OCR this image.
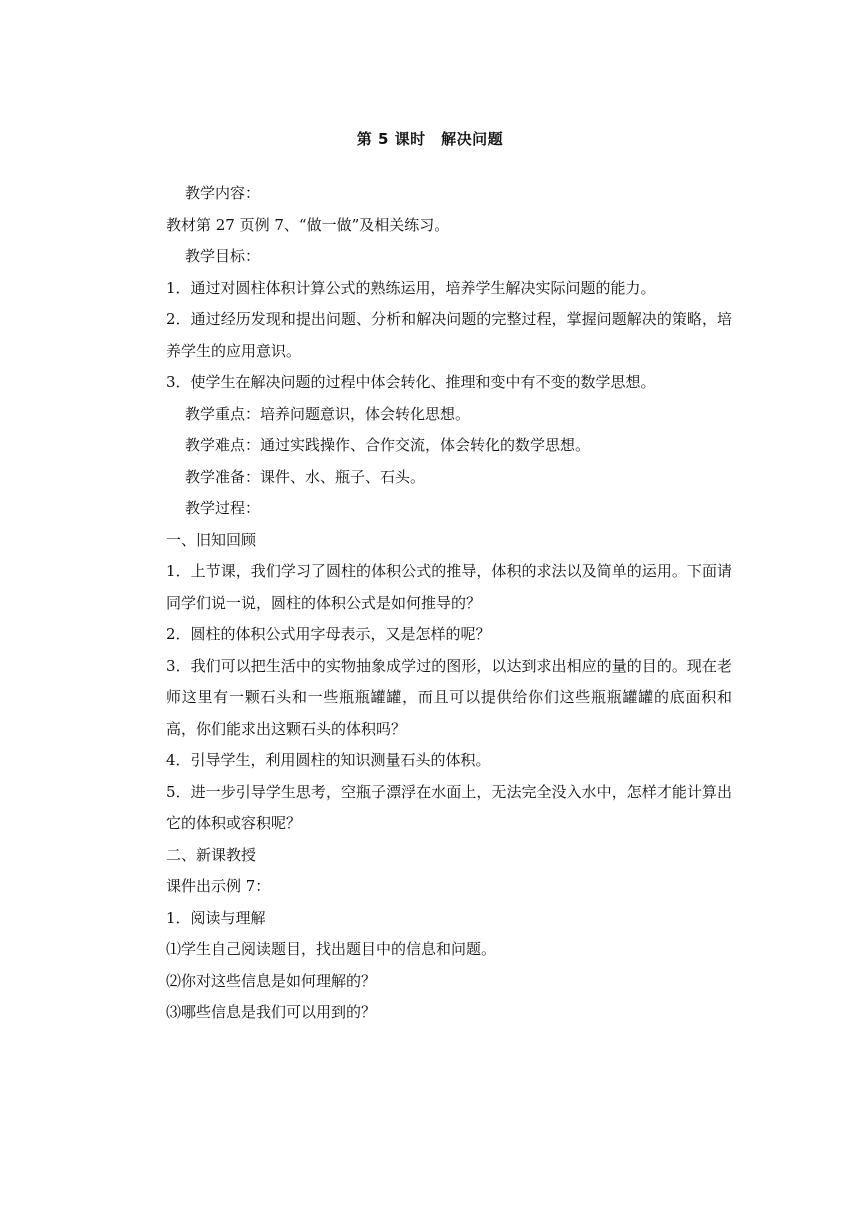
第 5 课时　解决问题

教学内容：

教材第 27 页例 7、“做一做”及相关练习。

教学目标：

1．通过对圆柱体积计算公式的熟练运用，培养学生解决实际问题的能力。

2．通过经历发现和提出问题、分析和解决问题的完整过程，掌握问题解决的策略，培养学生的应用意识。

3．使学生在解决问题的过程中体会转化、推理和变中有不变的数学思想。

教学重点：培养问题意识，体会转化思想。

教学难点：通过实践操作、合作交流，体会转化的数学思想。

教学准备：课件、水、瓶子、石头。

教学过程：

一、旧知回顾

1．上节课，我们学习了圆柱的体积公式的推导，体积的求法以及简单的运用。下面请同学们说一说，圆柱的体积公式是如何推导的？

2．圆柱的体积公式用字母表示，又是怎样的呢？

3．我们可以把生活中的实物抽象成学过的图形，以达到求出相应的量的目的。现在老师这里有一颗石头和一些瓶瓶罐罐，而且可以提供给你们这些瓶瓶罐罐的底面积和高，你们能求出这颗石头的体积吗？

4．引导学生，利用圆柱的知识测量石头的体积。

5．进一步引导学生思考，空瓶子漂浮在水面上，无法完全没入水中，怎样才能计算出它的体积或容积呢？

二、新课教授

课件出示例 7：

1．阅读与理解

⑴学生自己阅读题目，找出题目中的信息和问题。

⑵你对这些信息是如何理解的？

⑶哪些信息是我们可以用到的？
